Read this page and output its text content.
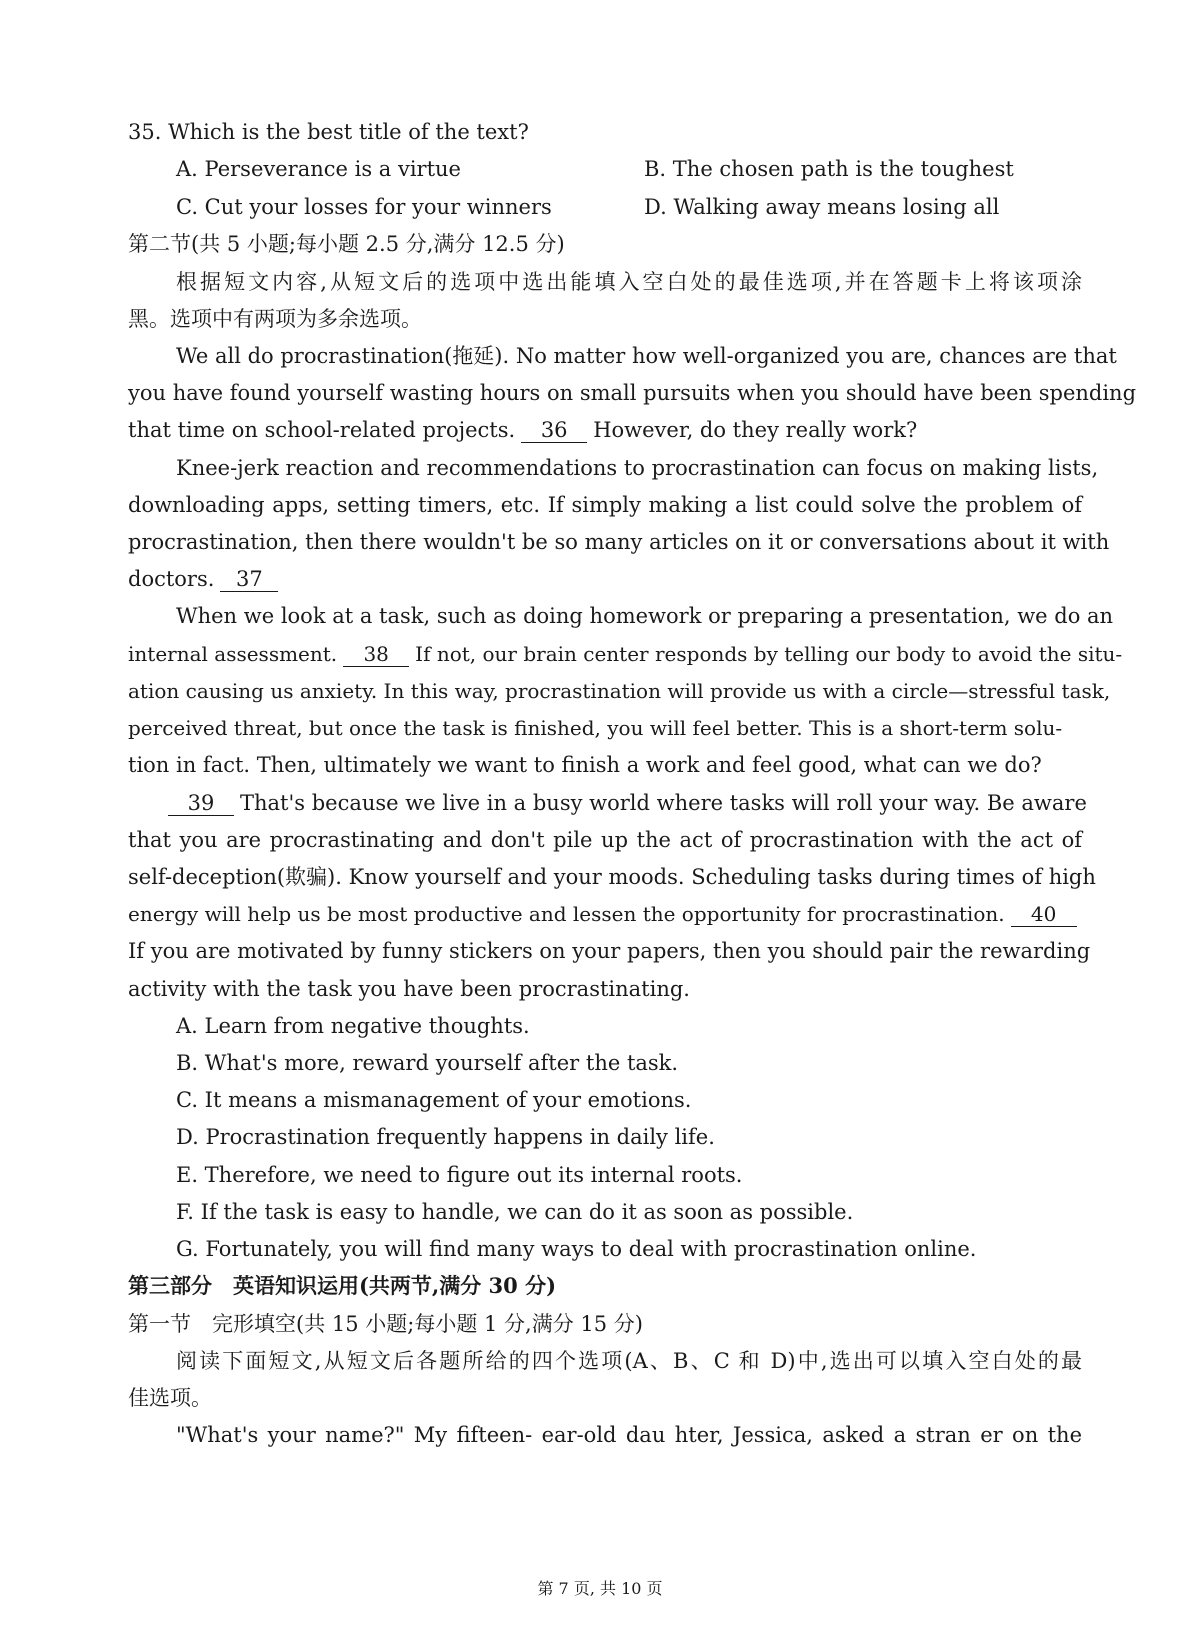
35. Which is the best title of the text?
A. Perseverance is a virtue	B. The chosen path is the toughest
C. Cut your losses for your winners	D. Walking away means losing all
第二节(共 5 小题;每小题 2.5 分,满分 12.5 分)
根据短文内容,从短文后的选项中选出能填入空白处的最佳选项,并在答题卡上将该项涂
黑。选项中有两项为多余选项。
We all do procrastination(拖延). No matter how well-organized you are, chances are that
you have found yourself wasting hours on small pursuits when you should have been spending
that time on school-related projects. 36 However, do they really work?
Knee-jerk reaction and recommendations to procrastination can focus on making lists,
downloading apps, setting timers, etc. If simply making a list could solve the problem of
procrastination, then there wouldn't be so many articles on it or conversations about it with
doctors. 37
When we look at a task, such as doing homework or preparing a presentation, we do an
internal assessment. 38 If not, our brain center responds by telling our body to avoid the situ-
ation causing us anxiety. In this way, procrastination will provide us with a circle—stressful task,
perceived threat, but once the task is finished, you will feel better. This is a short-term solu-
tion in fact. Then, ultimately we want to finish a work and feel good, what can we do?
39 That's because we live in a busy world where tasks will roll your way. Be aware
that you are procrastinating and don't pile up the act of procrastination with the act of
self-deception(欺骗). Know yourself and your moods. Scheduling tasks during times of high
energy will help us be most productive and lessen the opportunity for procrastination. 40
If you are motivated by funny stickers on your papers, then you should pair the rewarding
activity with the task you have been procrastinating.
A. Learn from negative thoughts.
B. What's more, reward yourself after the task.
C. It means a mismanagement of your emotions.
D. Procrastination frequently happens in daily life.
E. Therefore, we need to figure out its internal roots.
F. If the task is easy to handle, we can do it as soon as possible.
G. Fortunately, you will find many ways to deal with procrastination online.
第三部分　英语知识运用(共两节,满分 30 分)
第一节　完形填空(共 15 小题;每小题 1 分,满分 15 分)
阅读下面短文,从短文后各题所给的四个选项(A、B、C 和 D)中,选出可以填入空白处的最
佳选项。
"What's your name?" My fifteen- ear-old dau hter, Jessica, asked a stran er on the
第 7 页, 共 10 页
